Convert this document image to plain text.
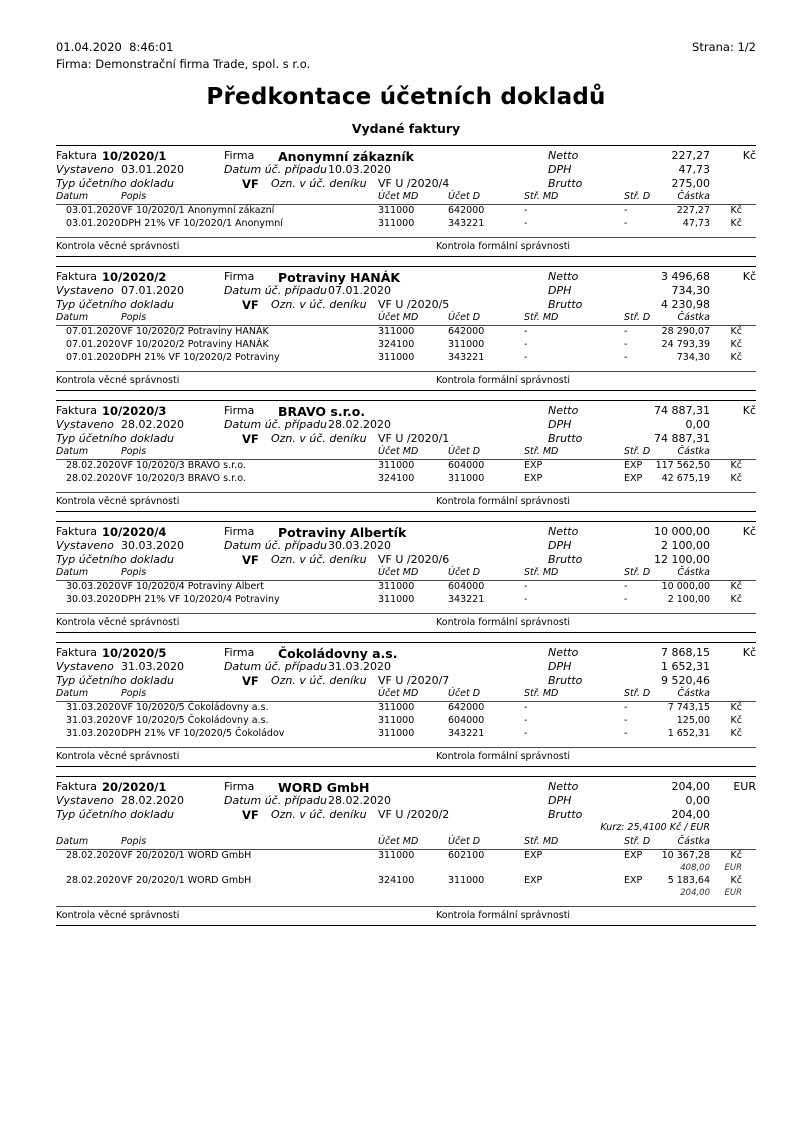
01.04.2020  8:46:01	Strana: 1/2
Firma: Demonstrační firma Trade, spol. s r.o.
Předkontace účetních dokladů
Vydané faktury
Faktura 10/2020/1	Firma Anonymní zákazník	Netto	227,27	Kč
Vystaveno 03.01.2020	Datum úč. případu 10.03.2020	DPH	47,73
Typ účetního dokladu	VF Ozn. v úč. deníku VF U /2020/4	Brutto	275,00
Datum	Popis	Účet MD	Účet D	Stř. MD	Stř. D	Částka
03.01.2020 VF 10/2020/1 Anonymní zákazní	311000	642000	-	-	227,27 Kč
03.01.2020 DPH 21% VF 10/2020/1 Anonymní	311000	343221	-	-	47,73 Kč
Kontrola věcné správnosti	Kontrola formální správnosti
Faktura 10/2020/2	Firma Potraviny HANÁK	Netto	3 496,68	Kč
Vystaveno 07.01.2020	Datum úč. případu 07.01.2020	DPH	734,30
Typ účetního dokladu	VF Ozn. v úč. deníku VF U /2020/5	Brutto	4 230,98
Datum	Popis	Účet MD	Účet D	Stř. MD	Stř. D	Částka
07.01.2020 VF 10/2020/2 Potraviny HANÁK	311000	642000	-	-	28 290,07 Kč
07.01.2020 VF 10/2020/2 Potraviny HANÁK	324100	311000	-	-	24 793,39 Kč
07.01.2020 DPH 21% VF 10/2020/2 Potraviny	311000	343221	-	-	734,30 Kč
Kontrola věcné správnosti	Kontrola formální správnosti
Faktura 10/2020/3	Firma BRAVO s.r.o.	Netto	74 887,31	Kč
Vystaveno 28.02.2020	Datum úč. případu 28.02.2020	DPH	0,00
Typ účetního dokladu	VF Ozn. v úč. deníku VF U /2020/1	Brutto	74 887,31
Datum	Popis	Účet MD	Účet D	Stř. MD	Stř. D	Částka
28.02.2020 VF 10/2020/3 BRAVO s.r.o.	311000	604000	EXP	EXP 117 562,50 Kč
28.02.2020 VF 10/2020/3 BRAVO s.r.o.	324100	311000	EXP	EXP 42 675,19 Kč
Kontrola věcné správnosti	Kontrola formální správnosti
Faktura 10/2020/4	Firma Potraviny Albertík	Netto	10 000,00	Kč
Vystaveno 30.03.2020	Datum úč. případu 30.03.2020	DPH	2 100,00
Typ účetního dokladu	VF Ozn. v úč. deníku VF U /2020/6	Brutto	12 100,00
Datum	Popis	Účet MD	Účet D	Stř. MD	Stř. D	Částka
30.03.2020 VF 10/2020/4 Potraviny Albert	311000	604000	-	-	10 000,00 Kč
30.03.2020 DPH 21% VF 10/2020/4 Potraviny	311000	343221	-	-	2 100,00 Kč
Kontrola věcné správnosti	Kontrola formální správnosti
Faktura 10/2020/5	Firma Čokoládovny a.s.	Netto	7 868,15	Kč
Vystaveno 31.03.2020	Datum úč. případu 31.03.2020	DPH	1 652,31
Typ účetního dokladu	VF Ozn. v úč. deníku VF U /2020/7	Brutto	9 520,46
Datum	Popis	Účet MD	Účet D	Stř. MD	Stř. D	Částka
31.03.2020 VF 10/2020/5 Čokoládovny a.s.	311000	642000	-	-	7 743,15 Kč
31.03.2020 VF 10/2020/5 Čokoládovny a.s.	311000	604000	-	-	125,00 Kč
31.03.2020 DPH 21% VF 10/2020/5 Čokoládov	311000	343221	-	-	1 652,31 Kč
Kontrola věcné správnosti	Kontrola formální správnosti
Faktura 20/2020/1	Firma WORD GmbH	Netto	204,00 EUR
Vystaveno 28.02.2020	Datum úč. případu 28.02.2020	DPH	0,00
Typ účetního dokladu	VF Ozn. v úč. deníku VF U /2020/2	Brutto	204,00
Kurz: 25,4100 Kč / EUR
Datum	Popis	Účet MD	Účet D	Stř. MD	Stř. D	Částka
28.02.2020 VF 20/2020/1 WORD GmbH	311000	602100	EXP	EXP 10 367,28 Kč
408,00 EUR
28.02.2020 VF 20/2020/1 WORD GmbH	324100	311000	EXP	EXP	5 183,64 Kč
204,00 EUR
Kontrola věcné správnosti	Kontrola formální správnosti
